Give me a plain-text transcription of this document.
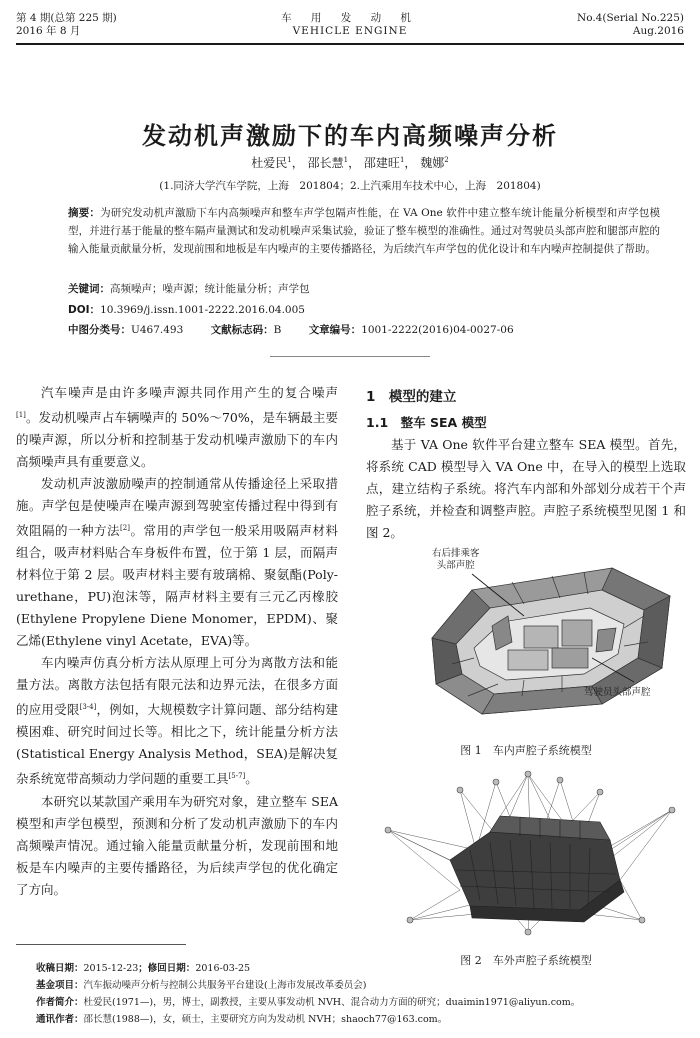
第 4 期(总第 225 期)
2016 年 8 月
车 用 发 动 机
VEHICLE ENGINE
No.4(Serial No.225)
Aug.2016
发动机声激励下的车内高频噪声分析
杜爱民$^1$， 邵长慧$^1$， 邵建旺$^1$， 魏娜$^2$
(1.同济大学汽车学院，上海　201804；2.上汽乘用车技术中心，上海　201804)
摘要：为研究发动机声激励下车内高频噪声和整车声学包隔声性能，在 VA One 软件中建立整车统计能量分析模型和声学包模型，并进行基于能量的整车隔声量测试和发动机噪声采集试验，验证了整车模型的准确性。通过对驾驶员头部声腔和腿部声腔的输入能量贡献量分析，发现前围和地板是车内噪声的主要传播路径，为后续汽车声学包的优化设计和车内噪声控制提供了帮助。
关键词：高频噪声；噪声源；统计能量分析；声学包
DOI：10.3969/j.issn.1001-2222.2016.04.005
中图分类号：U467.493	文献标志码：B	文章编号：1001-2222(2016)04-0027-06

汽车噪声是由许多噪声源共同作用产生的复合噪声[1]。发动机噪声占车辆噪声的 50%～70%，是车辆最主要的噪声源，所以分析和控制基于发动机噪声激励下的车内高频噪声具有重要意义。

发动机声波激励噪声的控制通常从传播途径上采取措施。声学包是使噪声在噪声源到驾驶室传播过程中得到有效阻隔的一种方法[2]。常用的声学包一般采用吸隔声材料组合，吸声材料贴合车身板件布置，位于第 1 层，而隔声材料位于第 2 层。吸声材料主要有玻璃棉、聚氨酯(Poly-urethane，PU)泡沫等，隔声材料主要有三元乙丙橡胶(Ethylene Propylene Diene Monomer，EPDM)、聚乙烯(Ethylene vinyl Acetate，EVA)等。

车内噪声仿真分析方法从原理上可分为离散方法和能量方法。离散方法包括有限元法和边界元法，在很多方面的应用受限[3-4]，例如，大规模数字计算问题、部分结构建模困难、研究时间过长等。相比之下，统计能量分析方法(Statistical Energy Analysis Method，SEA)是解决复杂系统宽带高频动力学问题的重要工具[5-7]。

本研究以某款国产乘用车为研究对象，建立整车 SEA 模型和声学包模型，预测和分析了发动机声激励下的车内高频噪声情况。通过输入能量贡献量分析，发现前围和地板是车内噪声的主要传播路径，为后续声学包的优化确定了方向。

1　模型的建立
1.1　整车 SEA 模型

基于 VA One 软件平台建立整车 SEA 模型。首先，将系统 CAD 模型导入 VA One 中，在导入的模型上选取点，建立结构子系统。将汽车内部和外部划分成若干个声腔子系统，并检查和调整声腔。声腔子系统模型见图 1 和图 2。

右后排乘客
头部声腔
驾驶员头部声腔
图 1　车内声腔子系统模型
图 2　车外声腔子系统模型
收稿日期：2015-12-23；修回日期：2016-03-25
基金项目：汽车振动噪声分析与控制公共服务平台建设(上海市发展改革委员会)
作者简介：杜爱民(1971—)，男，博士，副教授，主要从事发动机 NVH、混合动力方面的研究；duaimin1971@aliyun.com。
通讯作者：邵长慧(1988—)，女，硕士，主要研究方向为发动机 NVH；shaoch77@163.com。
